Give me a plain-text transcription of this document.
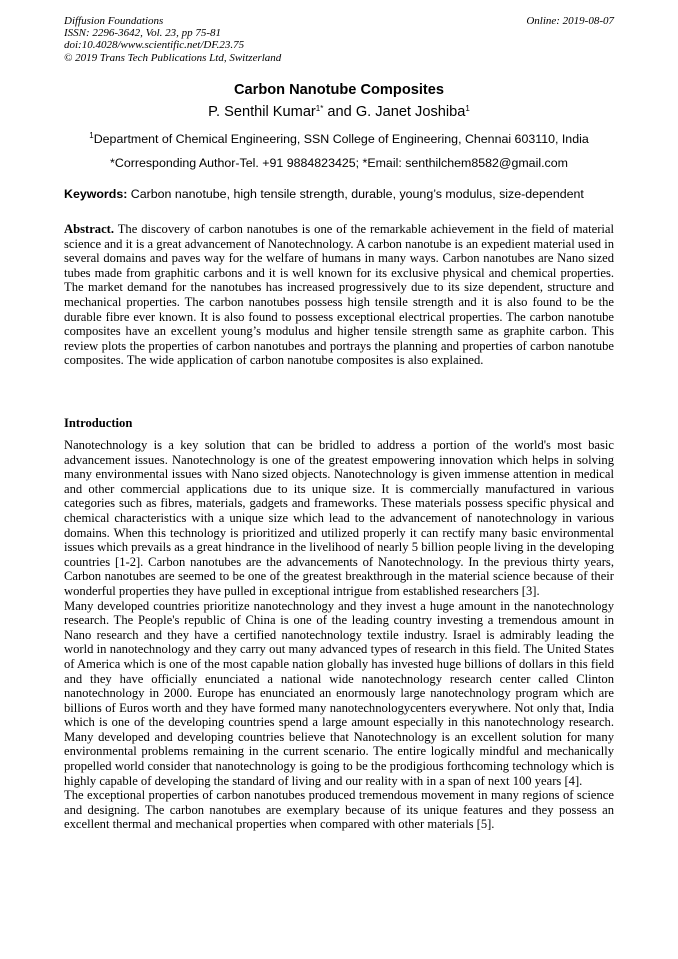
Diffusion Foundations
ISSN: 2296-3642, Vol. 23, pp 75-81
doi:10.4028/www.scientific.net/DF.23.75
© 2019 Trans Tech Publications Ltd, Switzerland
Online: 2019-08-07
Carbon Nanotube Composites
P. Senthil Kumar$^{1*}$ and G. Janet Joshiba$^1$
$^1$Department of Chemical Engineering, SSN College of Engineering, Chennai 603110, India
*Corresponding Author-Tel. +91 9884823425; *Email: senthilchem8582@gmail.com
Keywords: Carbon nanotube, high tensile strength, durable, young’s modulus, size-dependent

Abstract. The discovery of carbon nanotubes is one of the remarkable achievement in the field of material science and it is a great advancement of Nanotechnology. A carbon nanotube is an expedient material used in several domains and paves way for the welfare of humans in many ways. Carbon nanotubes are Nano sized tubes made from graphitic carbons and it is well known for its exclusive physical and chemical properties. The market demand for the nanotubes has increased progressively due to its size dependent, structure and mechanical properties. The carbon nanotubes possess high tensile strength and it is also found to be the durable fibre ever known. It is also found to possess exceptional electrical properties. The carbon nanotube composites have an excellent young’s modulus and higher tensile strength same as graphite carbon. This review plots the properties of carbon nanotubes and portrays the planning and properties of carbon nanotube composites. The wide application of carbon nanotube composites is also explained.

Introduction

Nanotechnology is a key solution that can be bridled to address a portion of the world's most basic advancement issues. Nanotechnology is one of the greatest empowering innovation which helps in solving many environmental issues with Nano sized objects. Nanotechnology is given immense attention in medical and other commercial applications due to its unique size. It is commercially manufactured in various categories such as fibres, materials, gadgets and frameworks. These materials possess specific physical and chemical characteristics with a unique size which lead to the advancement of nanotechnology in various domains. When this technology is prioritized and utilized properly it can rectify many basic environmental issues which prevails as a great hindrance in the livelihood of nearly 5 billion people living in the developing countries [1-2]. Carbon nanotubes are the advancements of Nanotechnology. In the previous thirty years, Carbon nanotubes are seemed to be one of the greatest breakthrough in the material science because of their wonderful properties they have pulled in exceptional intrigue from established researchers [3].

Many developed countries prioritize nanotechnology and they invest a huge amount in the nanotechnology research. The People's republic of China is one of the leading country investing a tremendous amount in Nano research and they have a certified nanotechnology textile industry. Israel is admirably leading the world in nanotechnology and they carry out many advanced types of research in this field. The United States of America which is one of the most capable nation globally has invested huge billions of dollars in this field and they have officially enunciated a national wide nanotechnology research center called Clinton nanotechnology in 2000. Europe has enunciated an enormously large nanotechnology program which are billions of Euros worth and they have formed many nanotechnologycenters everywhere. Not only that, India which is one of the developing countries spend a large amount especially in this nanotechnology research. Many developed and developing countries believe that Nanotechnology is an excellent solution for many environmental problems remaining in the current scenario. The entire logically mindful and mechanically propelled world consider that nanotechnology is going to be the prodigious forthcoming technology which is highly capable of developing the standard of living and our reality with in a span of next 100 years [4].

The exceptional properties of carbon nanotubes produced tremendous movement in many regions of science and designing. The carbon nanotubes are exemplary because of its unique features and they possess an excellent thermal and mechanical properties when compared with other materials [5].
